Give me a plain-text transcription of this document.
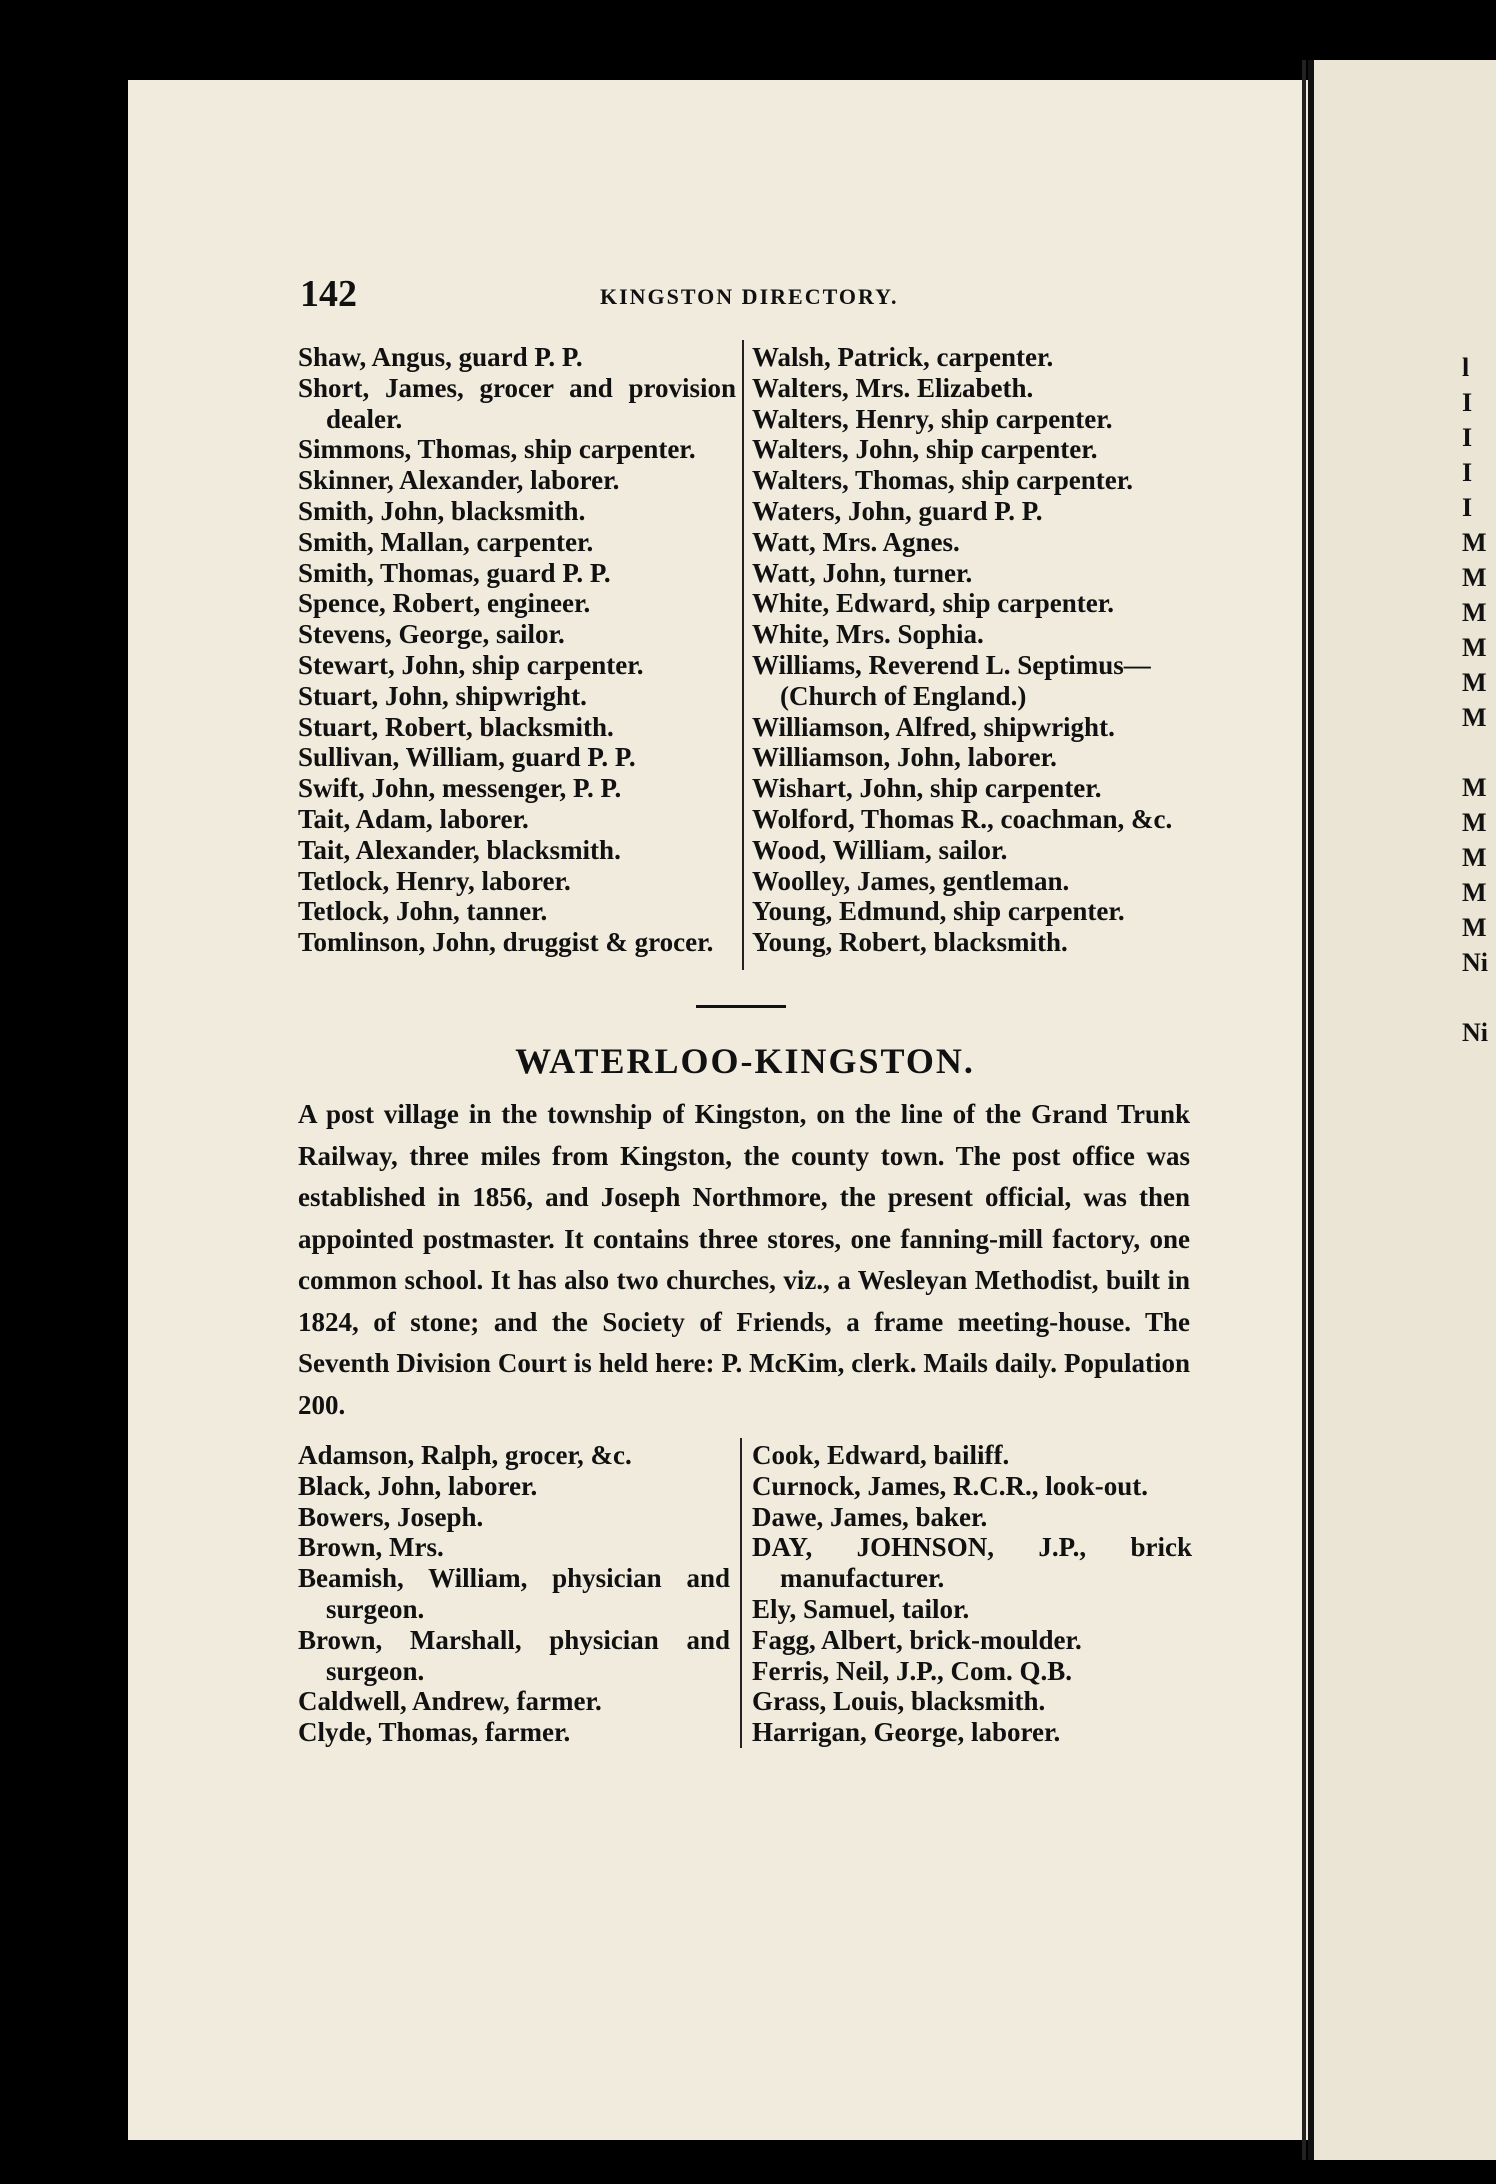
142	KINGSTON DIRECTORY.
Shaw, Angus, guard P. P.
Short, James, grocer and provision
dealer.
Simmons, Thomas, ship carpenter.
Skinner, Alexander, laborer.
Smith, John, blacksmith.
Smith, Mallan, carpenter.
Smith, Thomas, guard P. P.
Spence, Robert, engineer.
Stevens, George, sailor.
Stewart, John, ship carpenter.
Stuart, John, shipwright.
Stuart, Robert, blacksmith.
Sullivan, William, guard P. P.
Swift, John, messenger, P. P.
Tait, Adam, laborer.
Tait, Alexander, blacksmith.
Tetlock, Henry, laborer.
Tetlock, John, tanner.
Tomlinson, John, druggist & grocer.
Walsh, Patrick, carpenter.
Walters, Mrs. Elizabeth.
Walters, Henry, ship carpenter.
Walters, John, ship carpenter.
Walters, Thomas, ship carpenter.
Waters, John, guard P. P.
Watt, Mrs. Agnes.
Watt, John, turner.
White, Edward, ship carpenter.
White, Mrs. Sophia.
Williams, Reverend L. Septimus—
(Church of England.)
Williamson, Alfred, shipwright.
Williamson, John, laborer.
Wishart, John, ship carpenter.
Wolford, Thomas R., coachman, &c.
Wood, William, sailor.
Woolley, James, gentleman.
Young, Edmund, ship carpenter.
Young, Robert, blacksmith.
WATERLOO-KINGSTON.
A post village in the township of Kingston, on the line of the Grand Trunk Railway, three miles from Kingston, the county town. The post office was established in 1856, and Joseph Northmore, the present official, was then appointed postmaster. It contains three stores, one fanning-mill factory, one common school. It has also two churches, viz., a Wesleyan Methodist, built in 1824, of stone; and the Society of Friends, a frame meeting-house. The Seventh Division Court is held here: P. McKim, clerk. Mails daily. Population 200.
Adamson, Ralph, grocer, &c.
Black, John, laborer.
Bowers, Joseph.
Brown, Mrs.
Beamish, William, physician and
surgeon.
Brown, Marshall, physician and
surgeon.
Caldwell, Andrew, farmer.
Clyde, Thomas, farmer.
Cook, Edward, bailiff.
Curnock, James, R.C.R., look-out.
Dawe, James, baker.
DAY, JOHNSON, J.P., brick
manufacturer.
Ely, Samuel, tailor.
Fagg, Albert, brick-moulder.
Ferris, Neil, J.P., Com. Q.B.
Grass, Louis, blacksmith.
Harrigan, George, laborer.
l
I
I
I
I
M
M
M
M
M
M

M
M
M
M
M
Ni

Ni
